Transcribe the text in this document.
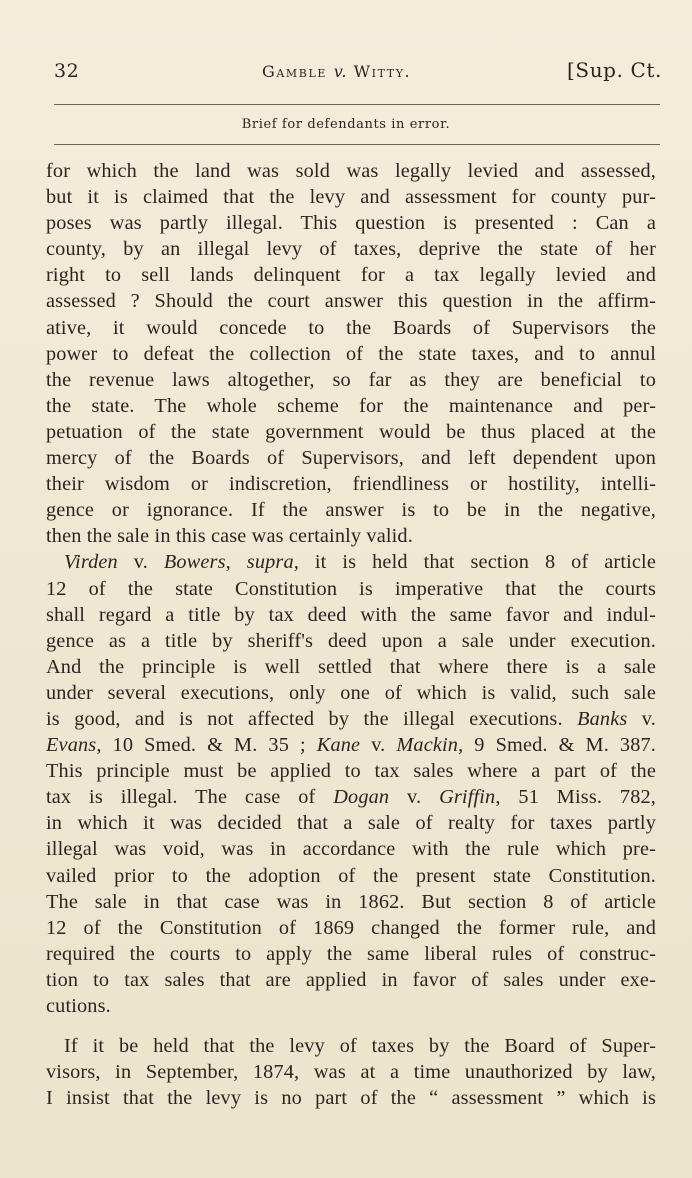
32	Gamble v. Witty.	[Sup. Ct.
Brief for defendants in error.
for which the land was sold was legally levied and assessed,
but it is claimed that the levy and assessment for county pur-
poses was partly illegal. This question is presented : Can a
county, by an illegal levy of taxes, deprive the state of her
right to sell lands delinquent for a tax legally levied and
assessed ? Should the court answer this question in the affirm-
ative, it would concede to the Boards of Supervisors the
power to defeat the collection of the state taxes, and to annul
the revenue laws altogether, so far as they are beneficial to
the state. The whole scheme for the maintenance and per-
petuation of the state government would be thus placed at the
mercy of the Boards of Supervisors, and left dependent upon
their wisdom or indiscretion, friendliness or hostility, intelli-
gence or ignorance. If the answer is to be in the negative,
then the sale in this case was certainly valid.
Virden v. Bowers, supra, it is held that section 8 of article
12 of the state Constitution is imperative that the courts
shall regard a title by tax deed with the same favor and indul-
gence as a title by sheriff's deed upon a sale under execution.
And the principle is well settled that where there is a sale
under several executions, only one of which is valid, such sale
is good, and is not affected by the illegal executions. Banks v.
Evans, 10 Smed. & M. 35 ; Kane v. Mackin, 9 Smed. & M. 387.
This principle must be applied to tax sales where a part of the
tax is illegal. The case of Dogan v. Griffin, 51 Miss. 782,
in which it was decided that a sale of realty for taxes partly
illegal was void, was in accordance with the rule which pre-
vailed prior to the adoption of the present state Constitution.
The sale in that case was in 1862. But section 8 of article
12 of the Constitution of 1869 changed the former rule, and
required the courts to apply the same liberal rules of construc-
tion to tax sales that are applied in favor of sales under exe-
cutions.
If it be held that the levy of taxes by the Board of Super-
visors, in September, 1874, was at a time unauthorized by law,
I insist that the levy is no part of the “ assessment ” which is
